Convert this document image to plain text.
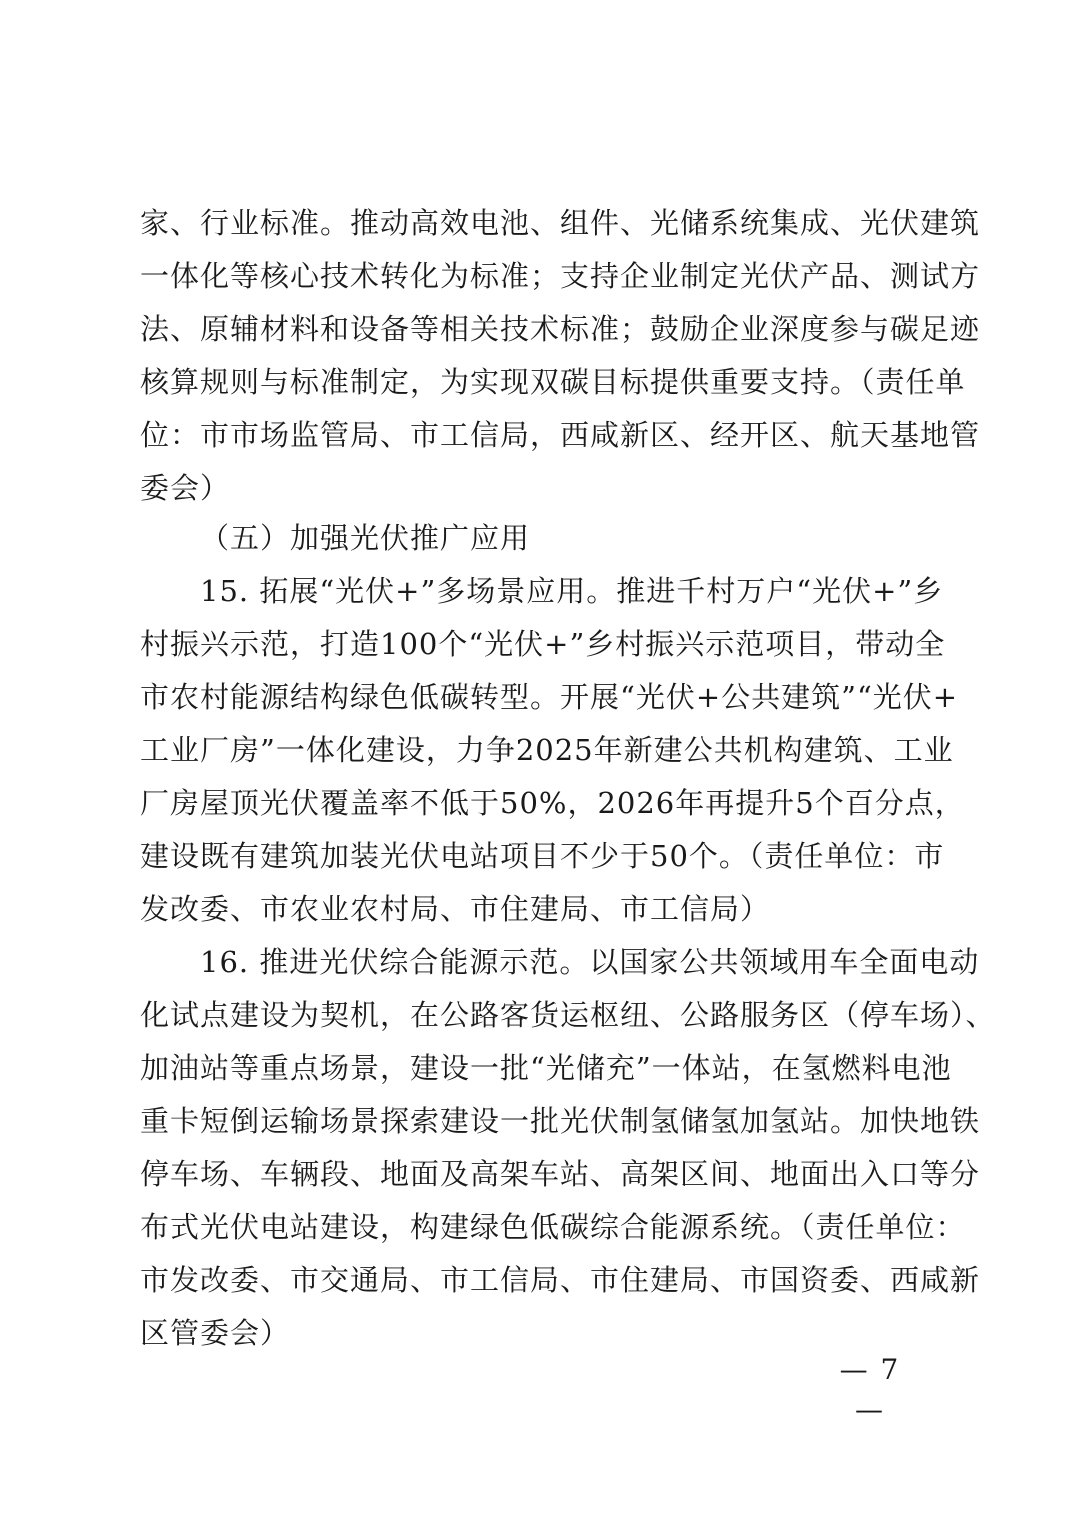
家、行业标准。推动高效电池、组件、光储系统集成、光伏建筑
一体化等核心技术转化为标准；支持企业制定光伏产品、测试方
法、原辅材料和设备等相关技术标准；鼓励企业深度参与碳足迹
核算规则与标准制定，为实现双碳目标提供重要支持。（责任单
位：市市场监管局、市工信局，西咸新区、经开区、航天基地管
委会）
（五）加强光伏推广应用
15. 拓展“光伏+”多场景应用。推进千村万户“光伏+”乡
村振兴示范，打造100个“光伏+”乡村振兴示范项目，带动全
市农村能源结构绿色低碳转型。开展“光伏+公共建筑”“光伏+
工业厂房”一体化建设，力争2025年新建公共机构建筑、工业
厂房屋顶光伏覆盖率不低于50%，2026年再提升5个百分点，
建设既有建筑加装光伏电站项目不少于50个。（责任单位：市
发改委、市农业农村局、市住建局、市工信局）
16. 推进光伏综合能源示范。以国家公共领域用车全面电动
化试点建设为契机，在公路客货运枢纽、公路服务区（停车场）、
加油站等重点场景，建设一批“光储充”一体站，在氢燃料电池
重卡短倒运输场景探索建设一批光伏制氢储氢加氢站。加快地铁
停车场、车辆段、地面及高架车站、高架区间、地面出入口等分
布式光伏电站建设，构建绿色低碳综合能源系统。（责任单位：
市发改委、市交通局、市工信局、市住建局、市国资委、西咸新
区管委会）
— 7 —
